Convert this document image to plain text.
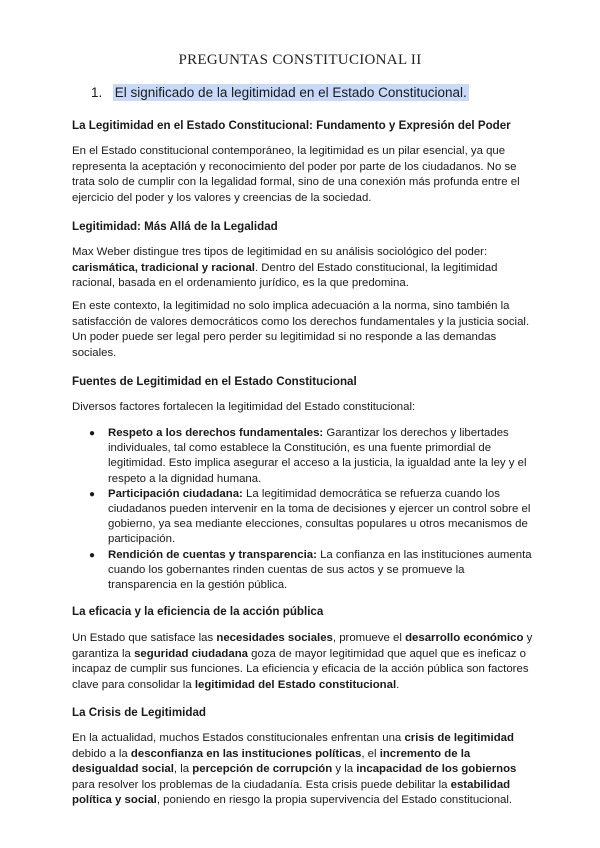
PREGUNTAS CONSTITUCIONAL II
1. El significado de la legitimidad en el Estado Constitucional.
La Legitimidad en el Estado Constitucional: Fundamento y Expresión del Poder

En el Estado constitucional contemporáneo, la legitimidad es un pilar esencial, ya que representa la aceptación y reconocimiento del poder por parte de los ciudadanos. No se trata solo de cumplir con la legalidad formal, sino de una conexión más profunda entre el ejercicio del poder y los valores y creencias de la sociedad.

Legitimidad: Más Allá de la Legalidad

Max Weber distingue tres tipos de legitimidad en su análisis sociológico del poder: carismática, tradicional y racional. Dentro del Estado constitucional, la legitimidad racional, basada en el ordenamiento jurídico, es la que predomina.

En este contexto, la legitimidad no solo implica adecuación a la norma, sino también la satisfacción de valores democráticos como los derechos fundamentales y la justicia social. Un poder puede ser legal pero perder su legitimidad si no responde a las demandas sociales.

Fuentes de Legitimidad en el Estado Constitucional

Diversos factores fortalecen la legitimidad del Estado constitucional:

● Respeto a los derechos fundamentales: Garantizar los derechos y libertades individuales, tal como establece la Constitución, es una fuente primordial de legitimidad. Esto implica asegurar el acceso a la justicia, la igualdad ante la ley y el respeto a la dignidad humana.
● Participación ciudadana: La legitimidad democrática se refuerza cuando los ciudadanos pueden intervenir en la toma de decisiones y ejercer un control sobre el gobierno, ya sea mediante elecciones, consultas populares u otros mecanismos de participación.
● Rendición de cuentas y transparencia: La confianza en las instituciones aumenta cuando los gobernantes rinden cuentas de sus actos y se promueve la transparencia en la gestión pública.
La eficacia y la eficiencia de la acción pública

Un Estado que satisface las necesidades sociales, promueve el desarrollo económico y garantiza la seguridad ciudadana goza de mayor legitimidad que aquel que es ineficaz o incapaz de cumplir sus funciones. La eficiencia y eficacia de la acción pública son factores clave para consolidar la legitimidad del Estado constitucional.

La Crisis de Legitimidad

En la actualidad, muchos Estados constitucionales enfrentan una crisis de legitimidad debido a la desconfianza en las instituciones políticas, el incremento de la desigualdad social, la percepción de corrupción y la incapacidad de los gobiernos para resolver los problemas de la ciudadanía. Esta crisis puede debilitar la estabilidad política y social, poniendo en riesgo la propia supervivencia del Estado constitucional.
